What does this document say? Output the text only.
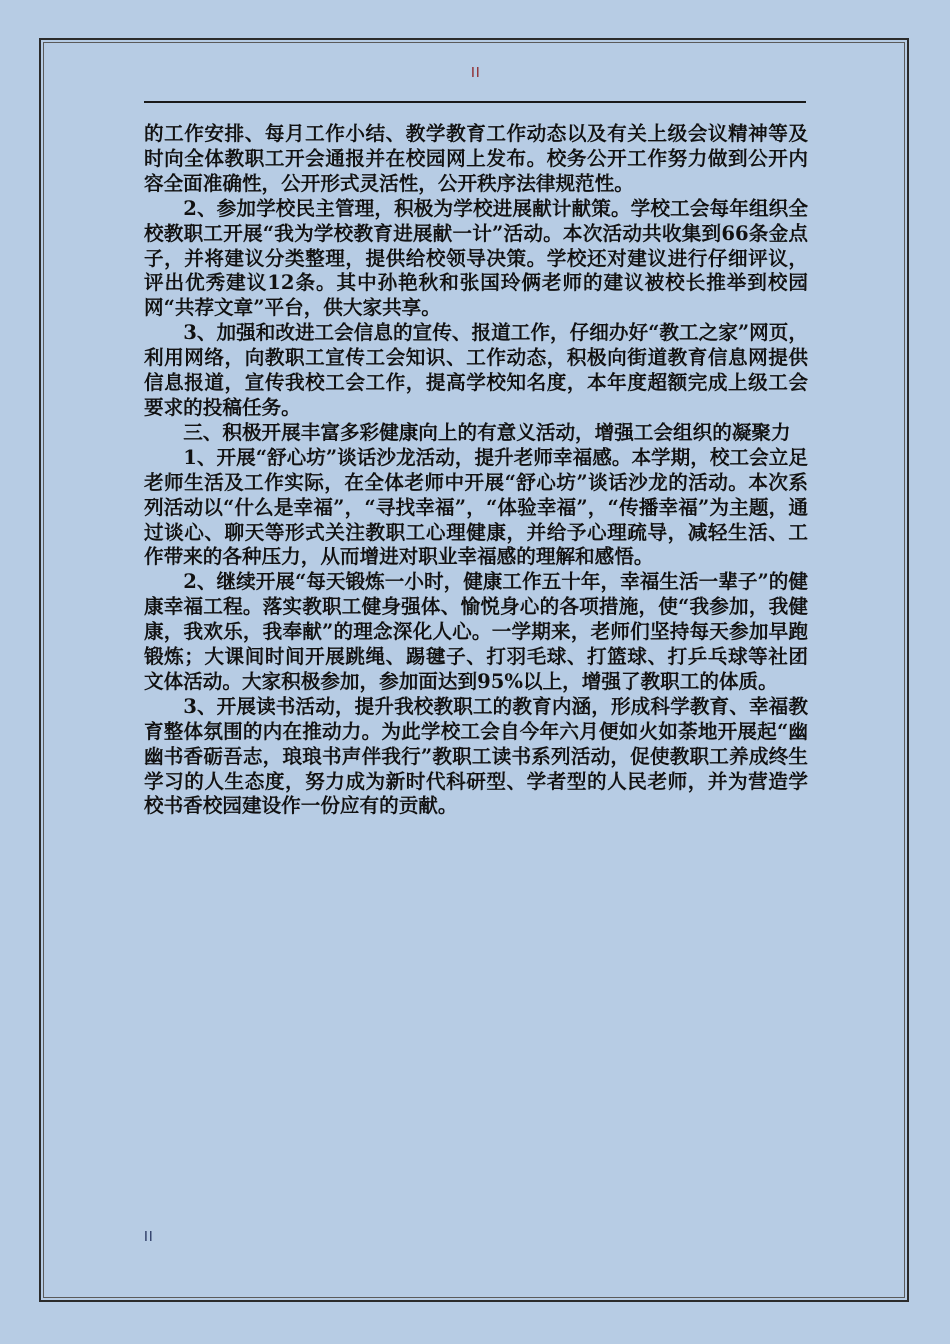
II

的工作安排、每月工作小结、教学教育工作动态以及有关上级会议精神等及时向全体教职工开会通报并在校园网上发布。校务公开工作努力做到公开内容全面准确性，公开形式灵活性，公开秩序法律规范性。

2、参加学校民主管理，积极为学校进展献计献策。学校工会每年组织全校教职工开展“我为学校教育进展献一计”活动。本次活动共收集到66条金点子，并将建议分类整理，提供给校领导决策。学校还对建议进行仔细评议，评出优秀建议12条。其中孙艳秋和张国玲俩老师的建议被校长推举到校园网“共荐文章”平台，供大家共享。

3、加强和改进工会信息的宣传、报道工作，仔细办好“教工之家”网页，利用网络，向教职工宣传工会知识、工作动态，积极向街道教育信息网提供信息报道，宣传我校工会工作，提高学校知名度，本年度超额完成上级工会要求的投稿任务。

三、积极开展丰富多彩健康向上的有意义活动，增强工会组织的凝聚力

1、开展“舒心坊”谈话沙龙活动，提升老师幸福感。本学期，校工会立足老师生活及工作实际，在全体老师中开展“舒心坊”谈话沙龙的活动。本次系列活动以“什么是幸福”，“寻找幸福”，“体验幸福”，“传播幸福”为主题，通过谈心、聊天等形式关注教职工心理健康，并给予心理疏导，减轻生活、工作带来的各种压力，从而增进对职业幸福感的理解和感悟。

2、继续开展“每天锻炼一小时，健康工作五十年，幸福生活一辈子”的健康幸福工程。落实教职工健身强体、愉悦身心的各项措施，使“我参加，我健康，我欢乐，我奉献”的理念深化人心。一学期来，老师们坚持每天参加早跑锻炼；大课间时间开展跳绳、踢毽子、打羽毛球、打篮球、打乒乓球等社团文体活动。大家积极参加，参加面达到95%以上，增强了教职工的体质。

3、开展读书活动，提升我校教职工的教育内涵，形成科学教育、幸福教育整体氛围的内在推动力。为此学校工会自今年六月便如火如荼地开展起“幽幽书香砺吾志，琅琅书声伴我行”教职工读书系列活动，促使教职工养成终生学习的人生态度，努力成为新时代科研型、学者型的人民老师，并为营造学校书香校园建设作一份应有的贡献。

II
